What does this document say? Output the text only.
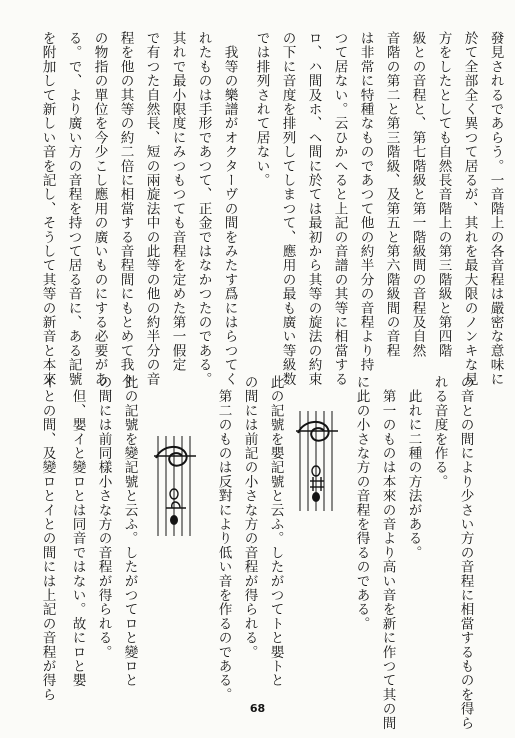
發見されるであらう。一音階上の各音程は嚴密な意味に
於て全部全く異つて居るが、其れを最大限のノンキな見
方をしたとしても自然長音階上の第三階級と第四階
級との音程と、第七階級と第一階級間の音程及自然
音階の第二と第三階級、及第五と第六階級間の音程
は非常に特種なものであつて他の約半分の音程より持
つて居ない。云ひかへると上記の音譜の其等に相當する
ロ、ハ間及ホ、ヘ間に於ては最初から其等の旋法の約束
の下に音度を排列してしまつて、應用の最も廣い等級数
では排列されて居ない。
　我等の樂譜がオクターヴの間をみたす爲にはらつてく
れたものは手形であつて、正金ではなかつたのである。
其れで最小限度にみつもつても音程を定めた第一假定
で有つた自然長、短の兩旋法中の此等の他の約半分の音
程を他の其等の約二倍に相當する音程間にもとめて我々
の物指の單位を今少こし應用の廣いものにする必要があ
る。で、より廣い方の音程を持つて居る音に、ある記號
を附加して新しい音を記し、そうして其等の新音と本來
の音との間により少さい方の音程に相當するものを得ら
れる音度を作る。
　此れに二種の方法がある。
　第一のものは本來の音より高い音を新に作つて其の間
に此の小さな方の音程を得るのである。
此の記號を嬰記號と云ふ。したがつてトと嬰トと
の間には前記の小さな方の音程が得られる。
　第二のものは反對により低い音を作るのである。
此の記號を變記號と云ふ。したがつてロと變ロと
の間には前同樣小さな方の音程が得られる。
　但、嬰イと變ロとは同音ではない。故にロと嬰
イとの間、及變ロとイとの間には上記の音程が得ら
68
